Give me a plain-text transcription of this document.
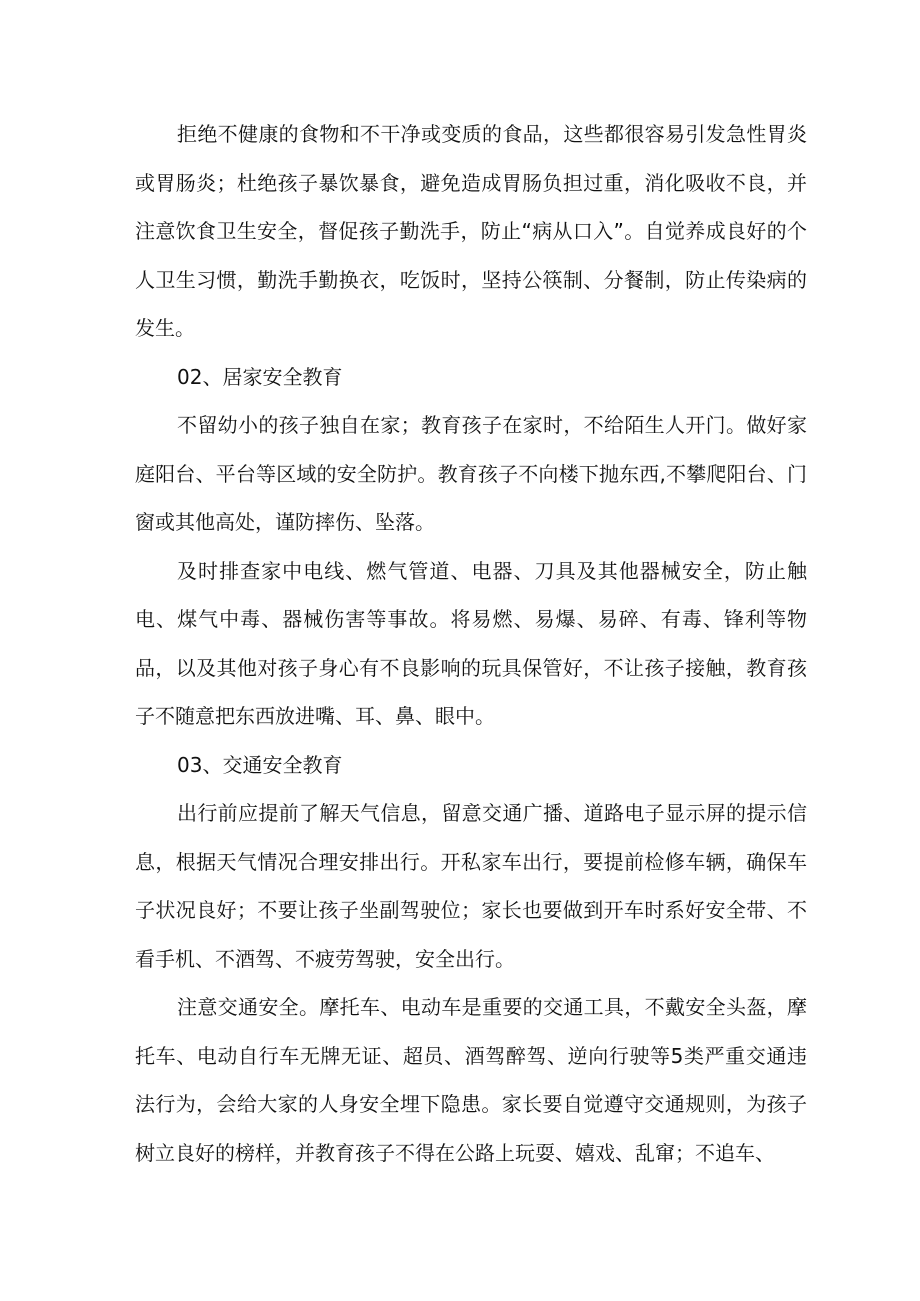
拒绝不健康的食物和不干净或变质的食品，这些都很容易引发急性胃炎或胃肠炎；杜绝孩子暴饮暴食，避免造成胃肠负担过重，消化吸收不良，并注意饮食卫生安全，督促孩子勤洗手，防止“病从口入”。自觉养成良好的个人卫生习惯，勤洗手勤换衣，吃饭时，坚持公筷制、分餐制，防止传染病的发生。

02、居家安全教育

不留幼小的孩子独自在家；教育孩子在家时，不给陌生人开门。做好家庭阳台、平台等区域的安全防护。教育孩子不向楼下抛东西,不攀爬阳台、门窗或其他高处，谨防摔伤、坠落。

及时排查家中电线、燃气管道、电器、刀具及其他器械安全，防止触电、煤气中毒、器械伤害等事故。将易燃、易爆、易碎、有毒、锋利等物品，以及其他对孩子身心有不良影响的玩具保管好，不让孩子接触，教育孩子不随意把东西放进嘴、耳、鼻、眼中。

03、交通安全教育

出行前应提前了解天气信息，留意交通广播、道路电子显示屏的提示信息，根据天气情况合理安排出行。开私家车出行，要提前检修车辆，确保车子状况良好；不要让孩子坐副驾驶位；家长也要做到开车时系好安全带、不看手机、不酒驾、不疲劳驾驶，安全出行。

注意交通安全。摩托车、电动车是重要的交通工具，不戴安全头盔，摩托车、电动自行车无牌无证、超员、酒驾醉驾、逆向行驶等5类严重交通违法行为，会给大家的人身安全埋下隐患。家长要自觉遵守交通规则，为孩子树立良好的榜样，并教育孩子不得在公路上玩耍、嬉戏、乱窜；不追车、
